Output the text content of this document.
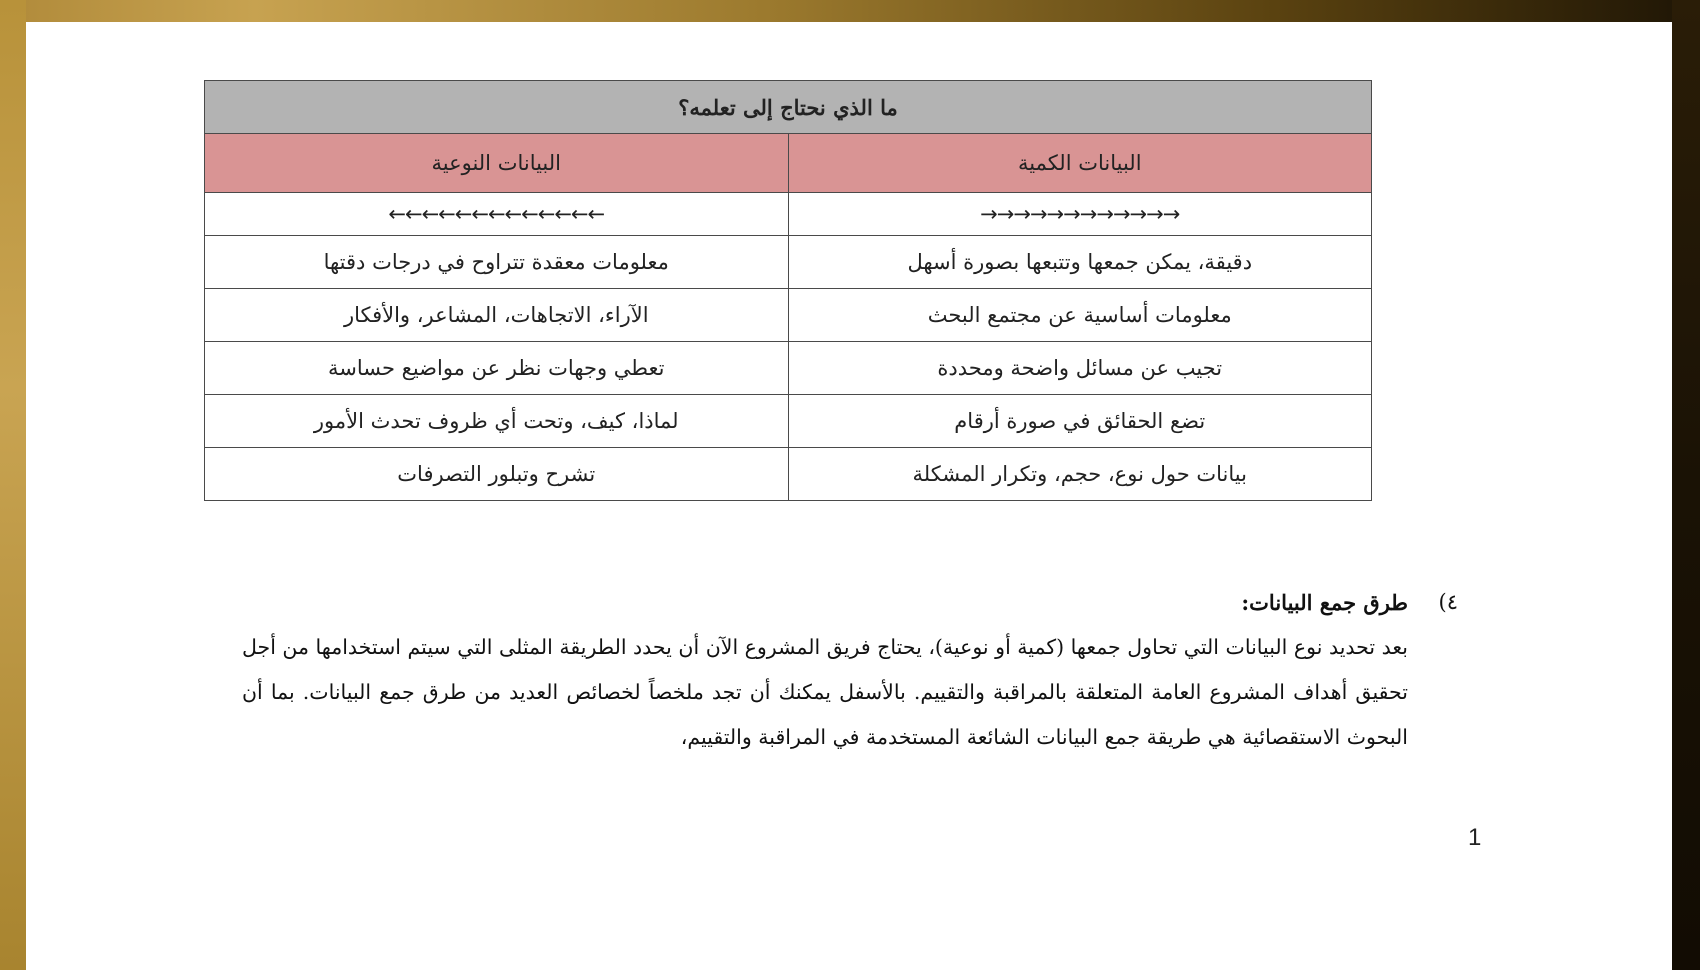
ما الذي نحتاج إلى تعلمه؟	
البيانات الكمية	البيانات النوعية
→→→→→→→→→→→→	←←←←←←←←←←←←←
دقيقة، يمكن جمعها وتتبعها بصورة أسهل	معلومات معقدة تتراوح في درجات دقتها
معلومات أساسية عن مجتمع البحث	الآراء، الاتجاهات، المشاعر، والأفكار
تجيب عن مسائل واضحة ومحددة	تعطي وجهات نظر عن مواضيع حساسة
تضع الحقائق في صورة أرقام	لماذا، كيف، وتحت أي ظروف تحدث الأمور
بيانات حول نوع، حجم، وتكرار المشكلة	تشرح وتبلور التصرفات
٤)
طرق جمع البيانات:

بعد تحديد نوع البيانات التي تحاول جمعها (كمية أو نوعية)، يحتاج فريق المشروع الآن أن يحدد الطريقة المثلى التي سيتم استخدامها من أجل تحقيق أهداف المشروع العامة المتعلقة بالمراقبة والتقييم. بالأسفل يمكنك أن تجد ملخصاً لخصائص العديد من طرق جمع البيانات. بما أن البحوث الاستقصائية هي طريقة جمع البيانات الشائعة المستخدمة في المراقبة والتقييم،

1
